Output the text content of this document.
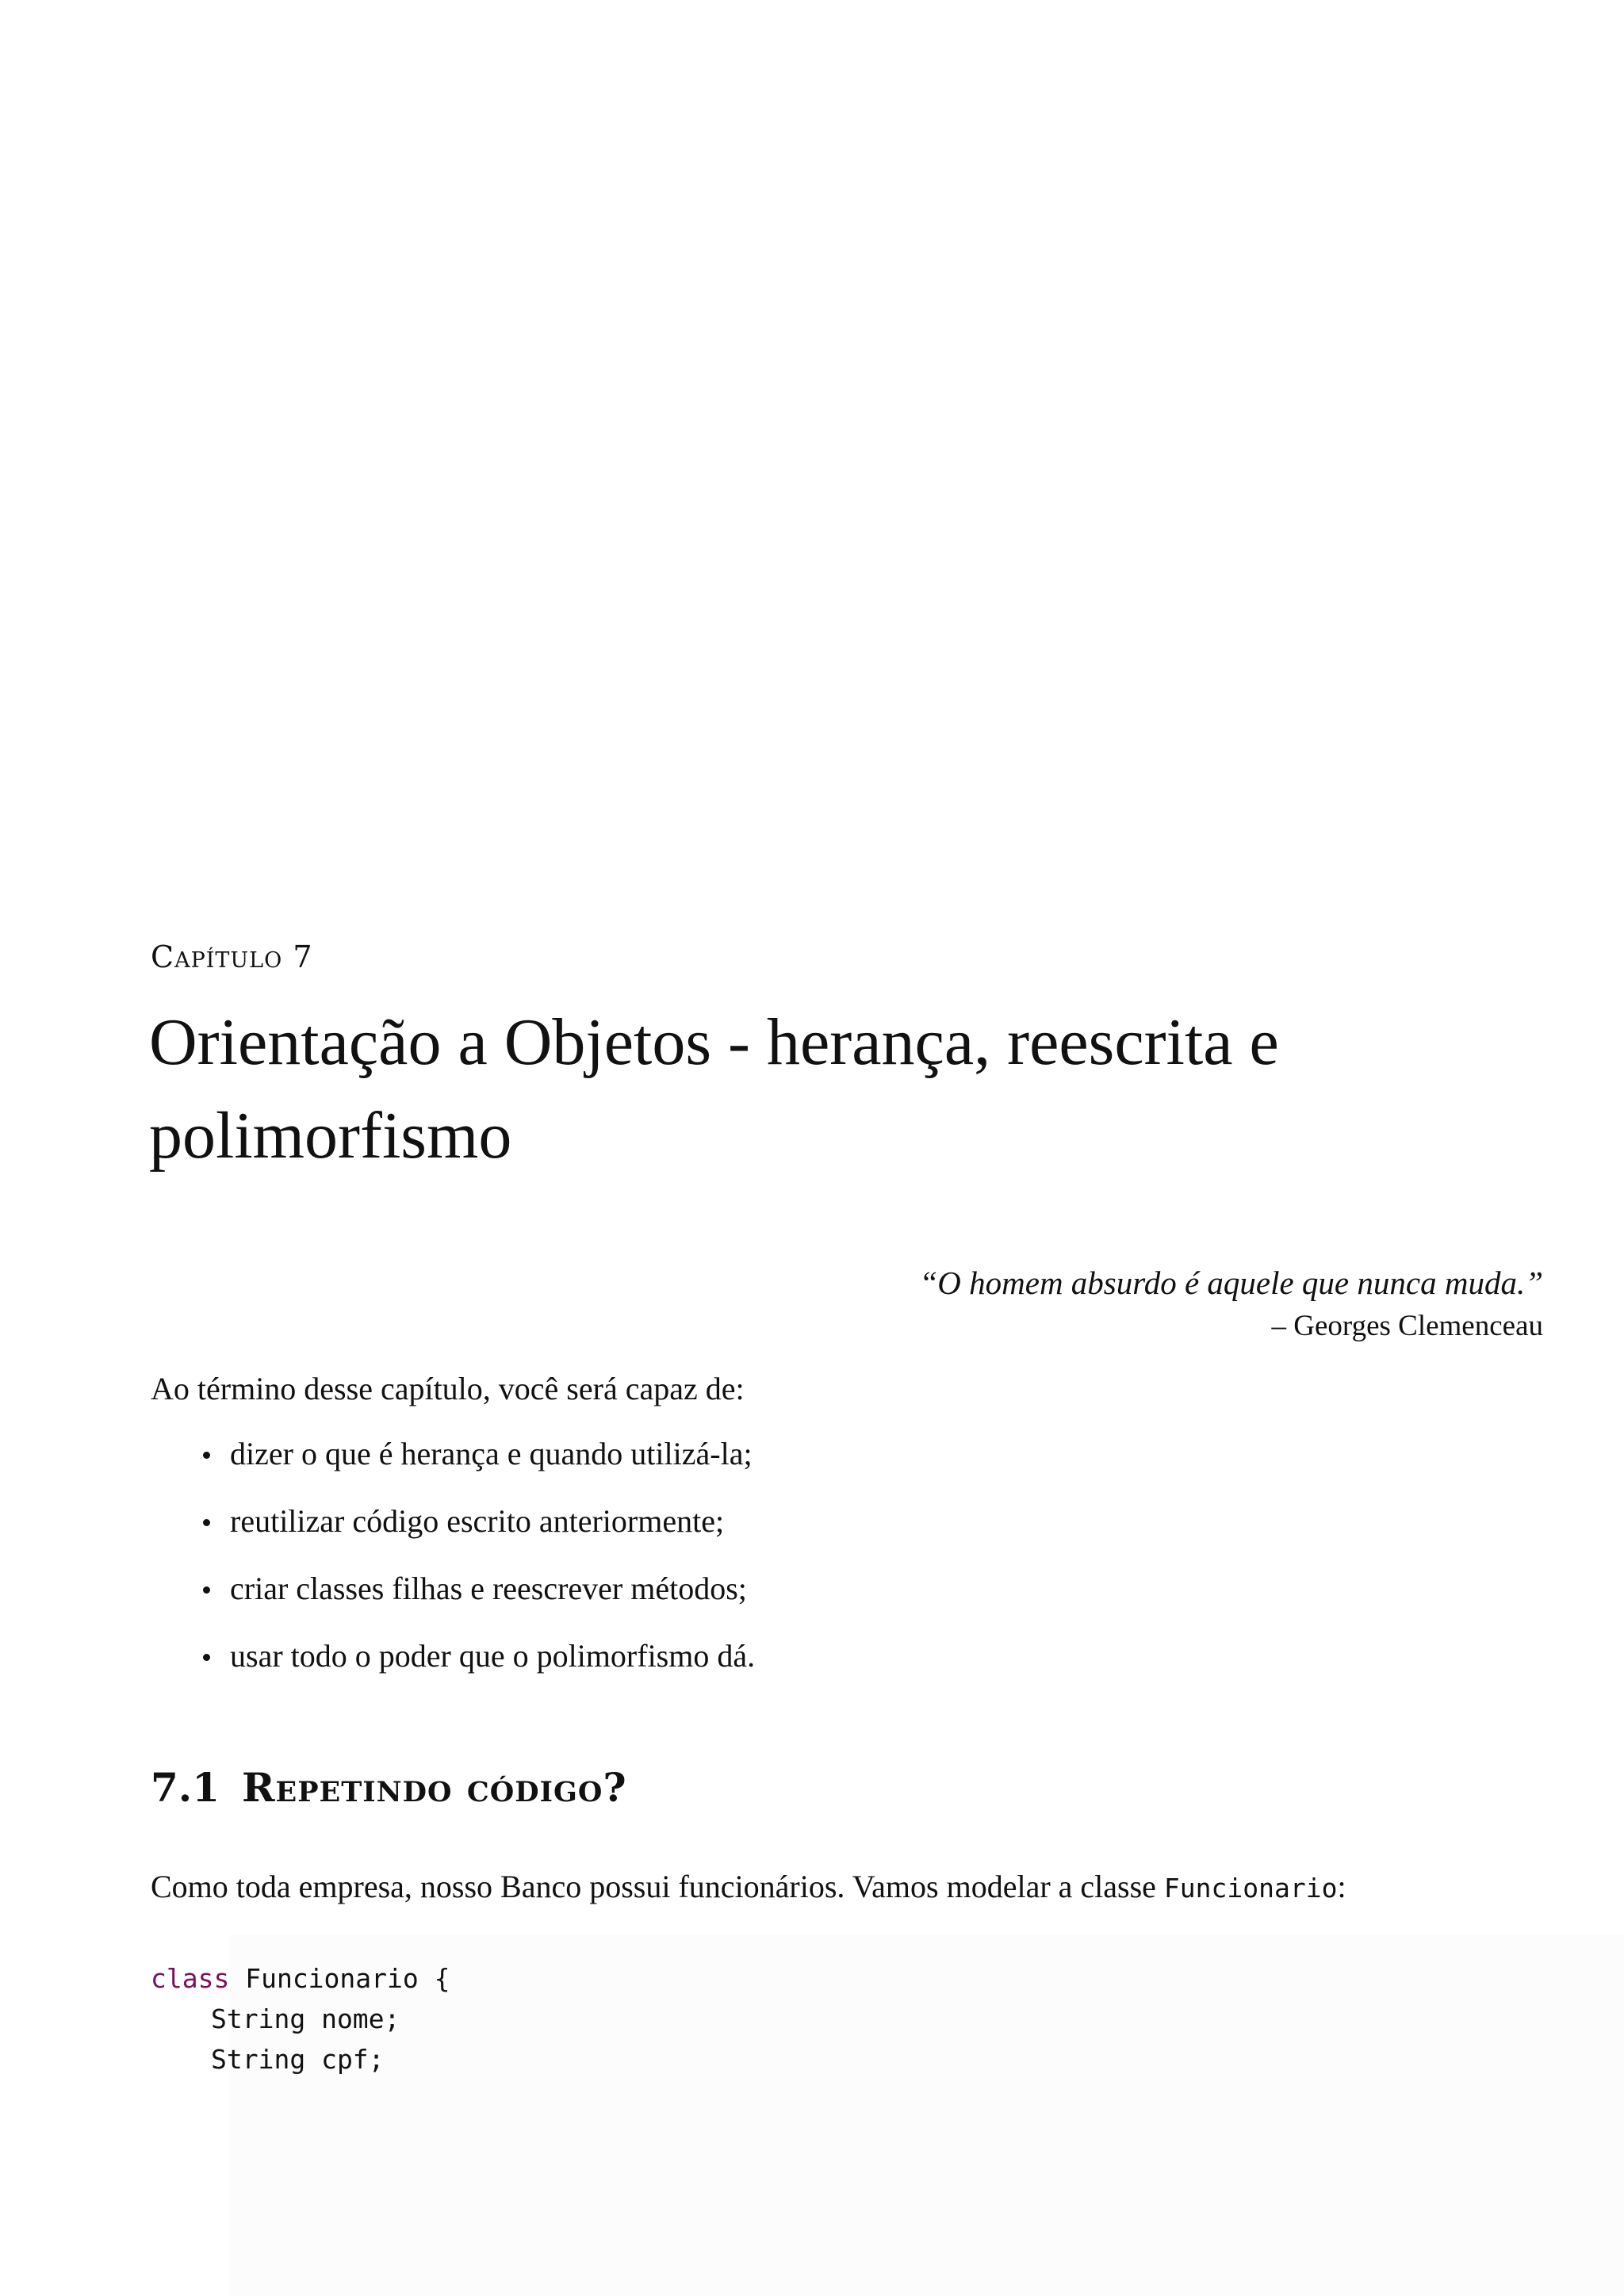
Capítulo 7
Orientação a Objetos - herança, reescrita e polimorfismo
“O homem absurdo é aquele que nunca muda.”
– Georges Clemenceau
Ao término desse capítulo, você será capaz de:
dizer o que é herança e quando utilizá-la;
reutilizar código escrito anteriormente;
criar classes filhas e reescrever métodos;
usar todo o poder que o polimorfismo dá.
7.1 Repetindo código?

Como toda empresa, nosso Banco possui funcionários. Vamos modelar a classe Funcionario:

class Funcionario {
String nome;
String cpf;
